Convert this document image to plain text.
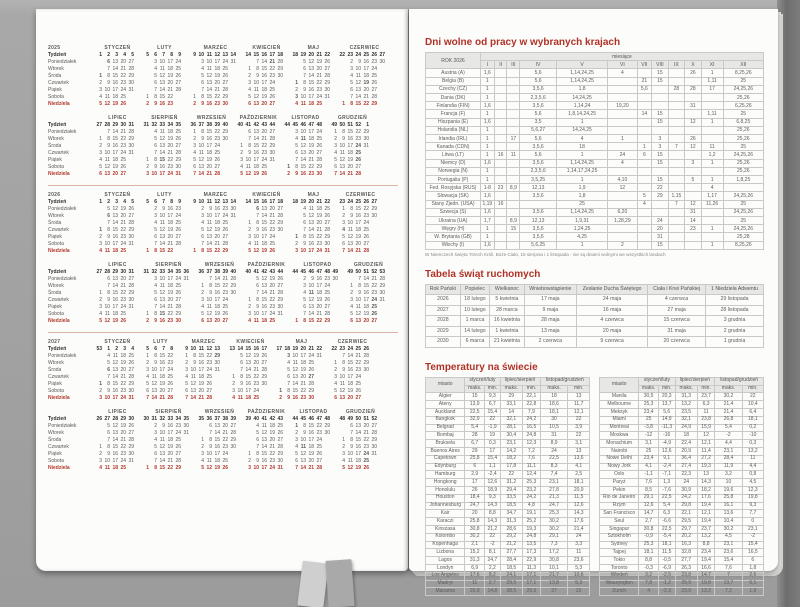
2025	STYCZEŃ						LUTY						MARZEC							KWIECIEŃ						MAJ						CZERWIEC						
Tydzień	1	2	3	4	5		5	6	7	8	9		9	10	11	12	13	14		14	15	16	17	18		18	19	20	21	22		22	23	24	25	26	27	
Poniedziałek		6	13	20	27			3	10	17	24			3	10	17	24	31			7	14	21	28			5	12	19	26			2	9	16	23	30	
Wtorek		7	14	21	28			4	11	18	25			4	11	18	25			1	8	15	22	29			6	13	20	27			3	10	17	24		
Środa	1	8	15	22	29			5	12	19	26			5	12	19	26			2	9	16	23	30			7	14	21	28			4	11	18	25		
Czwartek	2	9	16	23	30			6	13	20	27			6	13	20	27			3	10	17	24			1	8	15	22	29			5	12	19	26		
Piątek	3	10	17	24	31			7	14	21	28			7	14	21	28			4	11	18	25			2	9	16	23	30			6	13	20	27		
Sobota	4	11	18	25			1	8	15	22			1	8	15	22	29			5	12	19	26			3	10	17	24	31			7	14	21	28		
Niedziela	5	12	19	26			2	9	16	23			2	9	16	23	30			6	13	20	27			4	11	18	25			1	8	15	22	29		
	LIPIEC						SIERPIEŃ						WRZESIEŃ						PAŹDZIERNIK						LISTOPAD						GRUDZIEŃ					
Tydzień	27	28	29	30	31		31	32	33	34	35		36	37	38	39	40		40	41	42	43	44		44	45	46	47	48		49	50	51	52	1	
Poniedziałek		7	14	21	28			4	11	18	25		1	8	15	22	29			6	13	20	27			3	10	17	24		1	8	15	22	29	
Wtorek	1	8	15	22	29			5	12	19	26		2	9	16	23	30			7	14	21	28			4	11	18	25		2	9	16	23	30	
Środa	2	9	16	23	30			6	13	20	27		3	10	17	24			1	8	15	22	29			5	12	19	26		3	10	17	24	31	
Czwartek	3	10	17	24	31			7	14	21	28		4	11	18	25			2	9	16	23	30			6	13	20	27		4	11	18	25		
Piątek	4	11	18	25			1	8	15	22	29		5	12	19	26			3	10	17	24	31			7	14	21	28		5	12	19	26		
Sobota	5	12	19	26			2	9	16	23	30		6	13	20	27			4	11	18	25			1	8	15	22	29		6	13	20	27		
Niedziela	6	13	20	27			3	10	17	24	31		7	14	21	28			5	12	19	26			2	9	16	23	30		7	14	21	28		
2026	STYCZEŃ						LUTY						MARZEC							KWIECIEŃ						MAJ						CZERWIEC					
Tydzień	1	2	3	4	5		5	6	7	8	9		9	10	11	12	13	14		14	15	16	17	18		18	19	20	21	22		23	24	25	26	27	
Poniedziałek		5	12	19	26			2	9	16	23			2	9	16	23	30			6	13	20	27			4	11	18	25		1	8	15	22	29	
Wtorek		6	13	20	27			3	10	17	24			3	10	17	24	31			7	14	21	28			5	12	19	26		2	9	16	23	30	
Środa		7	14	21	28			4	11	18	25			4	11	18	25			1	8	15	22	29			6	13	20	27		3	10	17	24		
Czwartek	1	8	15	22	29			5	12	19	26			5	12	19	26			2	9	16	23	30			7	14	21	28		4	11	18	25		
Piątek	2	9	16	23	30			6	13	20	27			6	13	20	27			3	10	17	24			1	8	15	22	29		5	12	19	26		
Sobota	3	10	17	24	31			7	14	21	28			7	14	21	28			4	11	18	25			2	9	16	23	30		6	13	20	27		
Niedziela	4	11	18	25			1	8	15	22			1	8	15	22	29			5	12	19	26			3	10	17	24	31		7	14	21	28		
	LIPIEC						SIERPIEŃ							WRZESIEŃ						PAŹDZIERNIK						LISTOPAD							GRUDZIEŃ					
Tydzień	27	28	29	30	31		31	32	33	34	35	36		36	37	38	39	40		40	41	42	43	44		44	45	46	47	48	49		49	50	51	52	53	
Poniedziałek		6	13	20	27			3	10	17	24	31			7	14	21	28			5	12	19	26			2	9	16	23	30			7	14	21	28	
Wtorek		7	14	21	28			4	11	18	25			1	8	15	22	29			6	13	20	27			3	10	17	24			1	8	15	22	29	
Środa	1	8	15	22	29			5	12	19	26			2	9	16	23	30			7	14	21	28			4	11	18	25			2	9	16	23	30	
Czwartek	2	9	16	23	30			6	13	20	27			3	10	17	24			1	8	15	22	29			5	12	19	26			3	10	17	24	31	
Piątek	3	10	17	24	31			7	14	21	28			4	11	18	25			2	9	16	23	30			6	13	20	27			4	11	18	25		
Sobota	4	11	18	25			1	8	15	22	29			5	12	19	26			3	10	17	24	31			7	14	21	28			5	12	19	26		
Niedziela	5	12	19	26			2	9	16	23	30			6	13	20	27			4	11	18	25			1	8	15	22	29			6	13	20	27		
2027	STYCZEŃ						LUTY					MARZEC						KWIECIEŃ						MAJ							CZERWIEC					
Tydzień	53	1	2	3	4		5	6	7	8		9	10	11	12	13		13	14	15	16	17		17	18	19	20	21	22		22	23	24	25	26	
Poniedziałek		4	11	18	25		1	8	15	22		1	8	15	22	29			5	12	19	26			3	10	17	24	31			7	14	21	28	
Wtorek		5	12	19	26		2	9	16	23		2	9	16	23	30			6	13	20	27			4	11	18	25			1	8	15	22	29	
Środa		6	13	20	27		3	10	17	24		3	10	17	24	31			7	14	21	28			5	12	19	26			2	9	16	23	30	
Czwartek		7	14	21	28		4	11	18	25		4	11	18	25			1	8	15	22	29			6	13	20	27			3	10	17	24		
Piątek	1	8	15	22	29		5	12	19	26		5	12	19	26			2	9	16	23	30			7	14	21	28			4	11	18	25		
Sobota	2	9	16	23	30		6	13	20	27		6	13	20	27			3	10	17	24			1	8	15	22	29			5	12	19	26		
Niedziela	3	10	17	24	31		7	14	21	28		7	14	21	28			4	11	18	25			2	9	16	23	30			6	13	20	27		
	LIPIEC						SIERPIEŃ							WRZESIEŃ						PAŹDZIERNIK						LISTOPAD						GRUDZIEŃ					
Tydzień	26	27	28	29	30		30	31	32	33	34	35		35	36	37	38	39		39	40	41	42	43		44	45	46	47	48		48	49	50	51	52	
Poniedziałek		5	12	19	26			2	9	16	23	30			6	13	20	27			4	11	18	25		1	8	15	22	29			6	13	20	27	
Wtorek		6	13	20	27			3	10	17	24	31			7	14	21	28			5	12	19	26		2	9	16	23	30			7	14	21	28	
Środa		7	14	21	28			4	11	18	25			1	8	15	22	29			6	13	20	27		3	10	17	24			1	8	15	22	29	
Czwartek	1	8	15	22	29			5	12	19	26			2	9	16	23	30			7	14	21	28		4	11	18	25			2	9	16	23	30	
Piątek	2	9	16	23	30			6	13	20	27			3	10	17	24			1	8	15	22	29		5	12	19	26			3	10	17	24	31	
Sobota	3	10	17	24	31			7	14	21	28			4	11	18	25			2	9	16	23	30		6	13	20	27			4	11	18	25		
Niedziela	4	11	18	25			1	8	15	22	29			5	12	19	26			3	10	17	24	31		7	14	21	28			5	12	19	26		
Dni wolne od pracy w wybranych krajach
ROK 2026	miesiące											
	I	II	III	IV	V	VI	VII	VIII	IX	X	XI	XII
Austria (A)	1,6			5,6	1,14,24,25	4		15		26	1	8,25,26
Belgia (B)	1			5,6	1,14,24,25		21	15			1,11	25
Czechy (CZ)	1			3,5,6	1,8		5,6		28	28	17	24,25,26
Dania (DK)	1			2,3,5,6	14,24,25							25,26
Finlandia (FIN)	1,6			3,5,6	1,14,24	19,20				31		6,25,26
Francja (F)	1			5,6	1,8,14,24,25		14	15			1,11	25
Hiszpania (E)	1,6			3,5	1			15		12	1	6,8,25
Holandia (NL)	1			5,6,27	14,24,25							25,26
Irlandia (IRL)	1		17	5,6	4	1		3		26		25,26
Kanada (CDN)	1			3,5,6	18		1	3	7	12	11	25
Litwa (LT)	1	16	11	5,6	1	24	6	15			1,2	24,25,26
Niemcy (D)	1,6			3,5,6	1,14,24,25	4		15		3	1	25,26
Norwegia (N)	1			2,3,5,6	1,14,17,24,25							25,26
Portugalia (P)	1			3,5,25	1	4,10		15		5	1	1,8,25
Fed. Rosyjska (RUS)	1-8	23	8,9	12,13	1,9	12		22			4	
Słowacja (SK)	1,6			3,5,6	1,8		5	29	1,15		1,17	24,25,26
Stany Zjedn. (USA)	1,19	16			25		4		7	12	11,26	25
Szwecja (S)	1,6			3,5,6	1,14,24,25	6,20				31		24,25,26
Ukraina (UA)	1,7		8,9	12,13	1,9,31	1,28,29		24		14		25
Węgry (H)	1		15	3,5,6	1,24,25			20		23	1	24,25,26
W. Brytania (GB)	1			3,5,6	4,25			31				25,28
Włochy (I)	1,6			5,6,25	1	2		15			1	8,25,26
W Niemczech święta Trzech Króli, Boże Ciało, 15 sierpnia i 1 listopada - nie są dniami wolnymi we wszystkich landach
Tabela świąt ruchomych
Rok Pański	Popielec	Wielkanoc	Wniebowstąpienie	Zesłanie Ducha Świętego	Ciała i Krwi Pańskiej	1 Niedziela Adwentu
2026	18 lutego	5 kwietnia	17 maja	24 maja	4 czerwca	29 listopada
2027	10 lutego	28 marca	9 maja	16 maja	27 maja	28 listopada
2028	1 marca	16 kwietnia	28 maja	4 czerwca	15 czerwca	3 grudnia
2029	14 lutego	1 kwietnia	13 maja	20 maja	31 maja	2 grudnia
2030	6 marca	21 kwietnia	2 czerwca	9 czerwca	20 czerwca	1 grudnia
Temperatury na świecie
miasto	styczeń/luty		lipiec/sierpień		listopad/grudzień	
	maks.	min.	maks.	min.	maks.	min.
Algier	15	9,3	29	22,1	18	13
Ateny	13,9	6,7	33,1	22,8	18,6	11,7
Auckland	22,5	15,4	14	7,9	18,1	12,1
Bangkok	32,9	22	32,1	24,2	30	22
Belgrad	5,4	-1,9	28,1	16,5	10,5	3,9
Bombaj	28	19	30,4	24,8	31	22
Bruksela	6,7	0,3	23,1	12,3	8,9	3,1
Buenos Aires	29	17	14,2	7,2	24	13
Capetown	25,8	15,4	18,2	7,6	22,5	13,6
Edynburg	6	1,1	17,8	11,1	8,3	4,1
Hamburg	2,9	-2,4	22	12,4	7,4	2,5
Hongkong	17	12,6	31,2	25,3	23,1	18,1
Honolulu	26	18,9	29,4	23,2	27,8	20,9
Houston	18,4	9,3	33,5	24,2	21,3	11,5
Johannesburg	24,7	14,3	18,5	4,8	24,7	12,6
Kair	20	8,8	34,7	19,1	25,3	14,3
Karaczi	25,8	14,3	31,3	25,2	30,2	17,6
Kinszasa	30,8	21,2	28,6	19,3	30,2	21,4
Kolombo	30,2	22	29,2	24,8	29,1	24
Kopenhaga	2,1	-2	21,2	13,5	7,3	3,3
Lizbona	15,2	8,1	27,7	17,3	17,2	11
Lagos	31,3	24,7	28,4	22,9	30,8	23,6
Londyn	6,9	2,2	18,5	11,3	10,1	5,3
Los Angeles	17,6	8,2	24,1	17,1	21,7	10,6
Madryt	11	2,7	29,5	17,1	13,8	5,3
Manama	20,9	14,8	38,5	29,5	27	22
miasto	styczeń/luty		lipiec/sierpień		listopad/grudzień	
	maks.	min.	maks.	min.	maks.	min.
Manila	30,5	20,3	31,3	23,7	30,2	22
Melbourne	25,3	13,7	13,2	6,3	21,4	10,4
Meksyk	23,4	5,6	23,5	11	21,4	6,4
Miami	25	14,9	32,1	23,8	26,8	18,1
Montreal	-3,8	-11,3	24,9	15,9	5,4	0,2
Moskwa	-12	-16	18	12	-2	-10
Monachium	3,1	-4,9	22,4	12,1	4,4	0,3
Nairobi	25	12,6	20,9	11,4	23,1	13,2
Nowe Delhi	23,4	9,1	36,4	27,2	28,4	11
Nowy Jork	4,1	-2,4	27,4	19,3	11,9	4,4
Oslo	-1,1	-7,1	22,3	13	3,2	0,8
Paryż	7,6	1,3	24	14,3	10	4,5
Pekin	8,5	-7,6	30,9	18,2	19,6	12,3
Rio de Janeiro	29,1	22,5	24,2	17,6	25,8	19,8
Rzym	12,6	5,4	29,8	19,4	16,1	9,3
San Francisco	14,7	6,3	22,1	12,1	13,6	7,7
Seul	2,7	-6,6	29,5	19,4	10,4	0
Singapur	30,8	22,5	29,7	23,7	30,2	23,1
Sztokholm	-0,9	-5,4	20,2	13,2	4,5	-2
Sydney	25,3	18,1	16,3	8,8	23,1	15,4
Tajpej	18,1	11,5	32,8	23,4	23,6	16,5
Tokio	8,8	-0,5	27,7	19,4	15,4	6
Toronto	-0,3	-6,9	26,3	16,6	7,6	1,8
Wiedeń	3,2	-2,5	23,8	14,7	7	2,6
Waszyngton	7,8	-1,2	29,9	19,8	13,7	6,1
Zurich	4	-2,3	23,9	13,2	7,2	1,9
